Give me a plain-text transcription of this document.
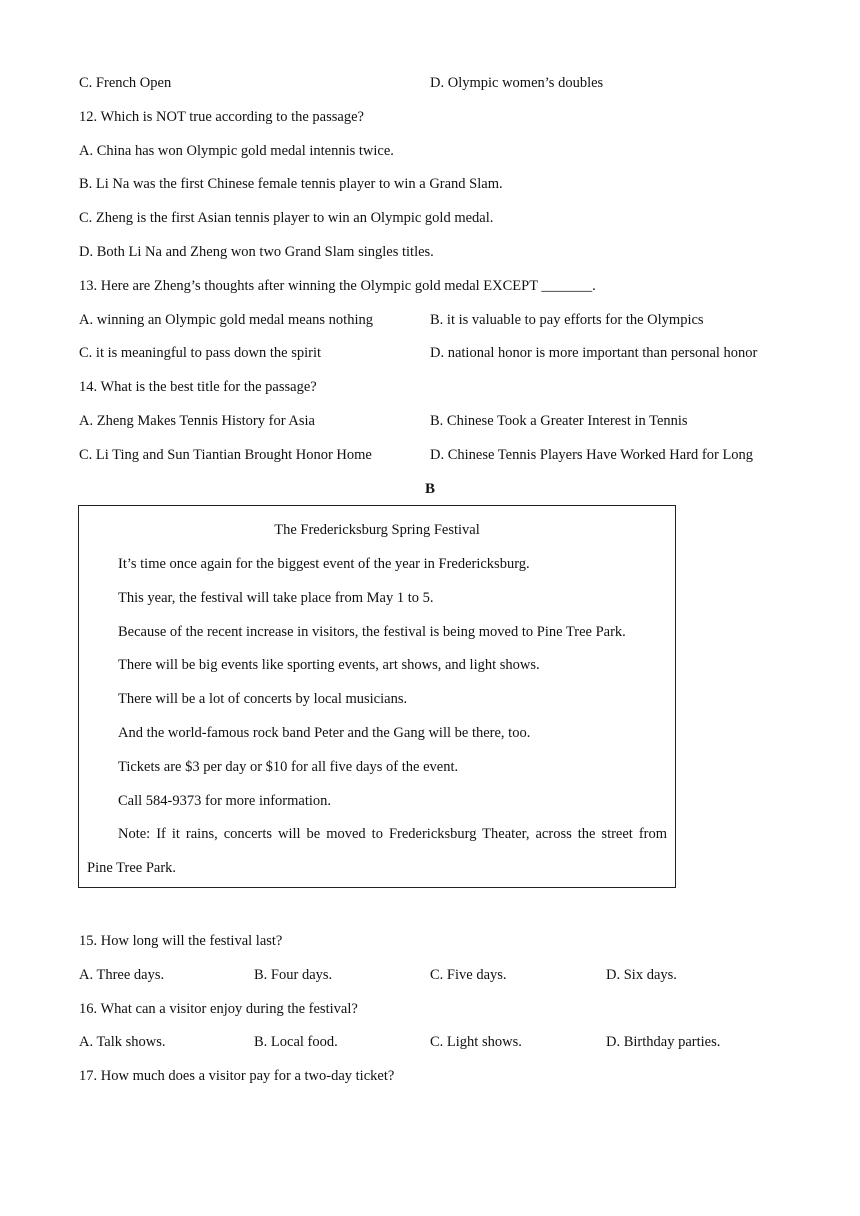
C. French Open	D. Olympic women’s doubles
12. Which is NOT true according to the passage?
A. China has won Olympic gold medal intennis twice.
B. Li Na was the first Chinese female tennis player to win a Grand Slam.
C. Zheng is the first Asian tennis player to win an Olympic gold medal.
D. Both Li Na and Zheng won two Grand Slam singles titles.
13. Here are Zheng’s thoughts after winning the Olympic gold medal EXCEPT _______.
A. winning an Olympic gold medal means nothing	B. it is valuable to pay efforts for the Olympics
C. it is meaningful to pass down the spirit	D. national honor is more important than personal honor
14. What is the best title for the passage?
A. Zheng Makes Tennis History for Asia	B. Chinese Took a Greater Interest in Tennis
C. Li Ting and Sun Tiantian Brought Honor Home	D. Chinese Tennis Players Have Worked Hard for Long
B
The Fredericksburg Spring Festival
It’s time once again for the biggest event of the year in Fredericksburg.
This year, the festival will take place from May 1 to 5.
Because of the recent increase in visitors, the festival is being moved to Pine Tree Park.
There will be big events like sporting events, art shows, and light shows.
There will be a lot of concerts by local musicians.
And the world-famous rock band Peter and the Gang will be there, too.
Tickets are $3 per day or $10 for all five days of the event.
Call 584-9373 for more information.
Note: If it rains, concerts will be moved to Fredericksburg Theater, across the street from
Pine Tree Park.
15. How long will the festival last?
A. Three days.	B. Four days.	C. Five days.	D. Six days.
16. What can a visitor enjoy during the festival?
A. Talk shows.	B. Local food.	C. Light shows.	D. Birthday parties.
17. How much does a visitor pay for a two-day ticket?
